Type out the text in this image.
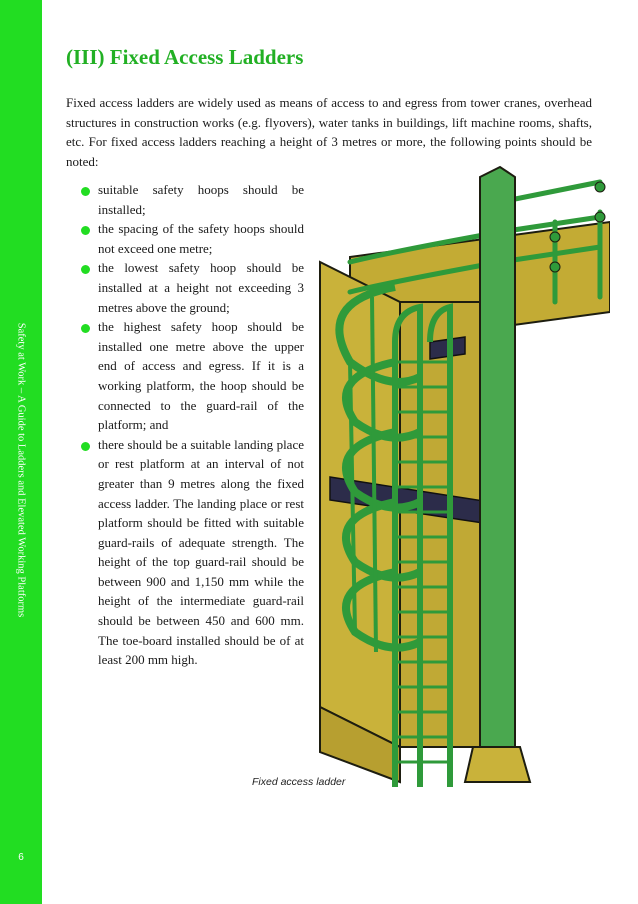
Safety at Work – A Guide to Ladders and Elevated Working Platforms
6
(III) Fixed Access Ladders

Fixed access ladders are widely used as means of access to and egress from tower cranes, overhead structures in construction works (e.g. flyovers), water tanks in buildings, lift machine rooms, shafts, etc. For fixed access ladders reaching a height of 3 metres or more, the following points should be noted:

suitable safety hoops should be installed;
the spacing of the safety hoops should not exceed one metre;
the lowest safety hoop should be installed at a height not exceeding 3 metres above the ground;
the highest safety hoop should be installed one metre above the upper end of access and egress. If it is a working platform, the hoop should be connected to the guard-rail of the platform; and
there should be a suitable landing place or rest platform at an interval of not greater than 9 metres along the fixed access ladder. The landing place or rest platform should be fitted with suitable guard-rails of adequate strength. The height of the top guard-rail should be between 900 and 1,150 mm while the height of the intermediate guard-rail should be between 450 and 600 mm. The toe-board installed should be of at least 200 mm high.
Fixed access ladder
